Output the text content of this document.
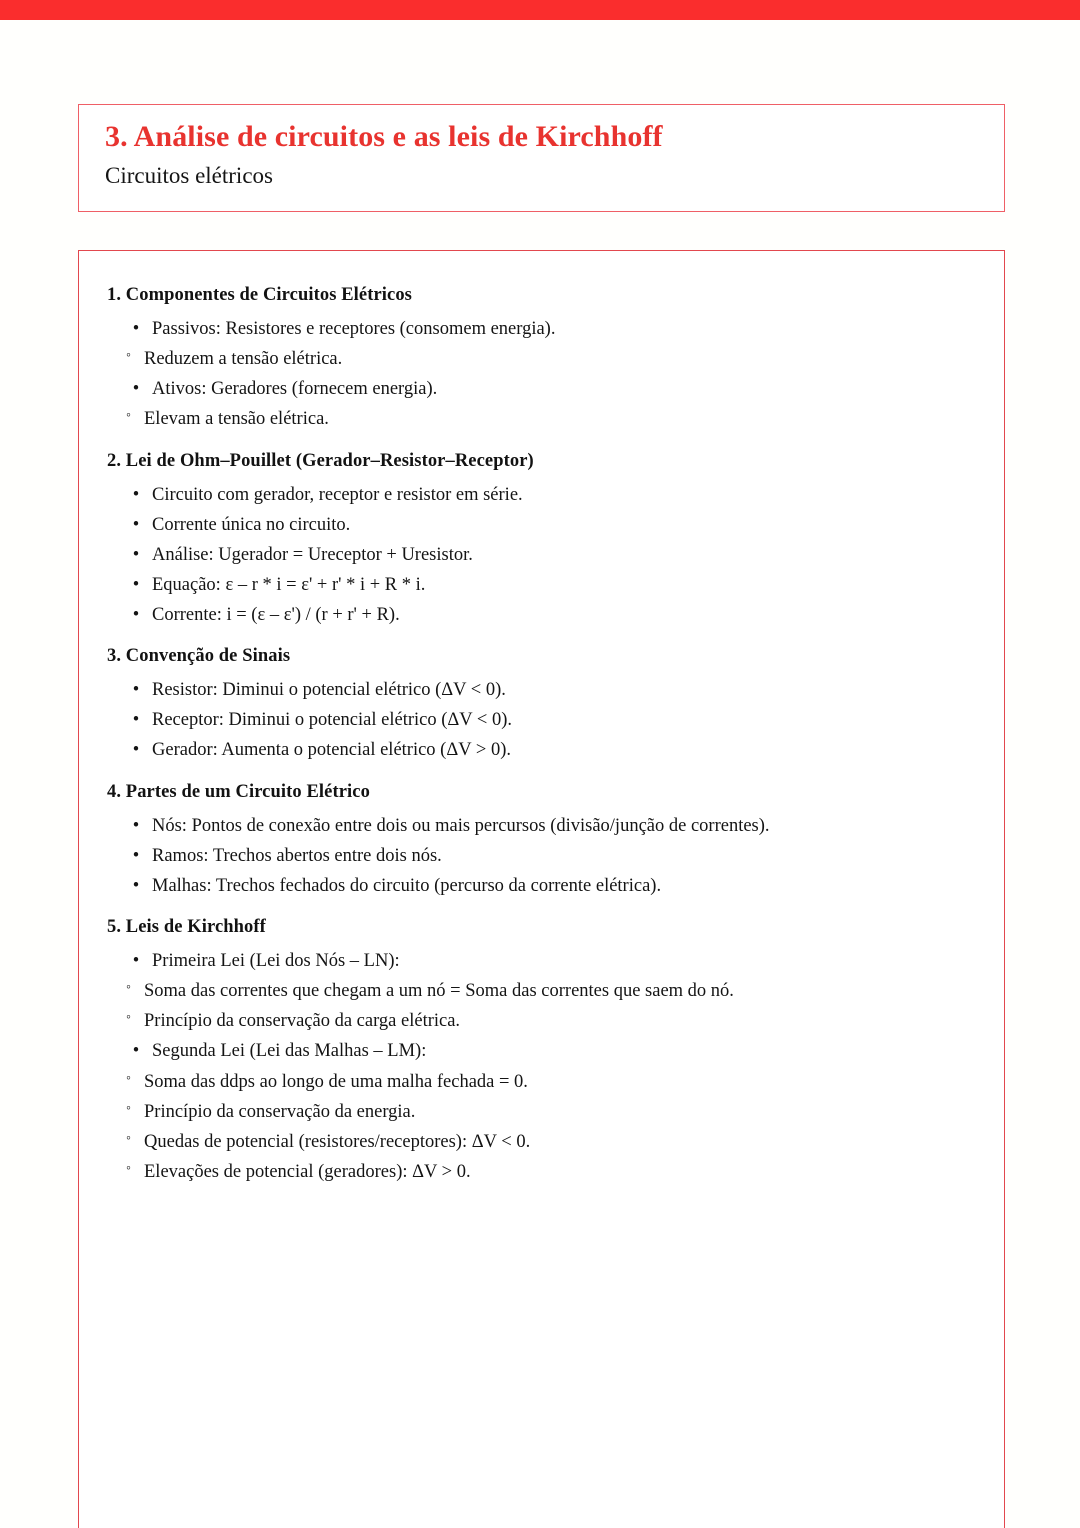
3. Análise de circuitos e as leis de Kirchhoff
Circuitos elétricos
1. Componentes de Circuitos Elétricos
• Passivos: Resistores e receptores (consomem energia).
◦ Reduzem a tensão elétrica.
• Ativos: Geradores (fornecem energia).
◦ Elevam a tensão elétrica.
2. Lei de Ohm–Pouillet (Gerador–Resistor–Receptor)
• Circuito com gerador, receptor e resistor em série.
• Corrente única no circuito.
• Análise: Ugerador = Ureceptor + Uresistor.
• Equação: ε – r * i = ε' + r' * i + R * i.
• Corrente: i = (ε – ε') / (r + r' + R).
3. Convenção de Sinais
• Resistor: Diminui o potencial elétrico (ΔV < 0).
• Receptor: Diminui o potencial elétrico (ΔV < 0).
• Gerador: Aumenta o potencial elétrico (ΔV > 0).
4. Partes de um Circuito Elétrico
• Nós: Pontos de conexão entre dois ou mais percursos (divisão/junção de correntes).
• Ramos: Trechos abertos entre dois nós.
• Malhas: Trechos fechados do circuito (percurso da corrente elétrica).
5. Leis de Kirchhoff
• Primeira Lei (Lei dos Nós – LN):
◦ Soma das correntes que chegam a um nó = Soma das correntes que saem do nó.
◦ Princípio da conservação da carga elétrica.
• Segunda Lei (Lei das Malhas – LM):
◦ Soma das ddps ao longo de uma malha fechada = 0.
◦ Princípio da conservação da energia.
◦ Quedas de potencial (resistores/receptores): ΔV < 0.
◦ Elevações de potencial (geradores): ΔV > 0.
